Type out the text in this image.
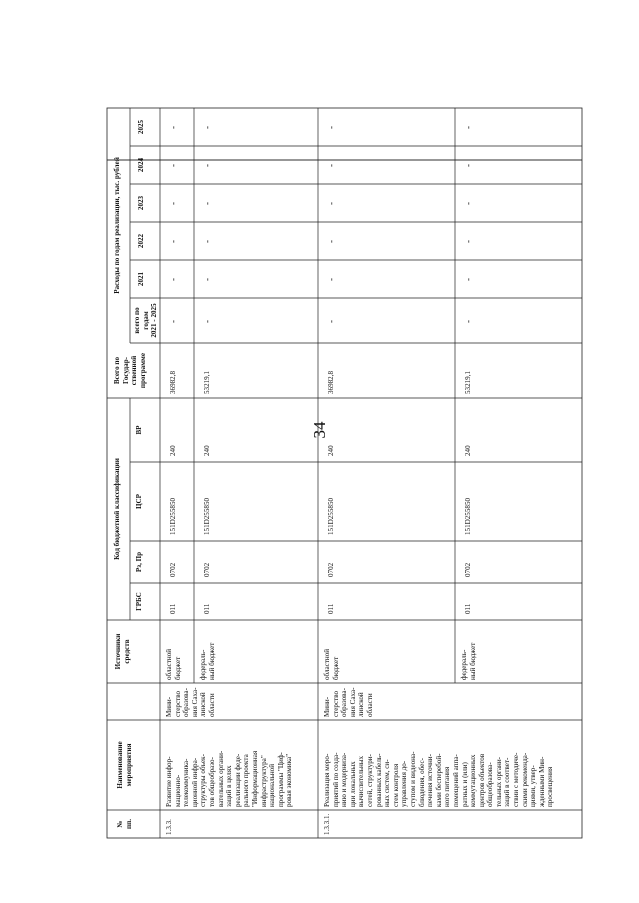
34
№
пп.
Наименование
мероприятия
Источники
средств
Код бюджетной классификации
ГРБС
Рз, Пр
ЦСР
ВР
Всего по
Государ-
ственной
программе
Расходы по годам реализации, тыс. рублей
всего по
годам
2021 - 2025
2021
2022
2023
2024
2025
1.3.3.
Развитие инфор-
мационно-
телекоммуника-
ционной инфра-
структуры объек-
тов общеобразо-
вательных органи-
заций в целях
реализации феде-
рального проекта
"Информационная
инфраструктура"
национальной
программы "Циф-
ровая экономика"
Мини-
стерство
образова-
ния Саха-
линской
области
областной
бюджет
011
0702
151D255850
240
36982,8
-
-
-
-
-
-
федераль-
ный бюджет
011
0702
151D255850
240
53219,1
-
-
-
-
-
-
1.3.3.1.
Реализация меро-
приятий по созда-
нию и модерниза-
ции локальных
вычислительных
сетей, структури-
рованных кабель-
ных систем, си-
стем контроля
управления до-
ступом и видеона-
блюдения, обес-
печения источни-
ками бесперебой-
ного питания
помещений аппа-
ратных и (или)
коммутационных
центров объектов
общеобразова-
тельных органи-
заций в соответ-
ствии с методиче-
скими рекоменда-
циями, утвер-
жденными Мин-
просвещения
Мини-
стерство
образова-
ния Саха-
линской
области
областной
бюджет
011
0702
151D255850
240
36982,8
-
-
-
-
-
-
федераль-
ный бюджет
011
0702
151D255850
240
53219,1
-
-
-
-
-
-
